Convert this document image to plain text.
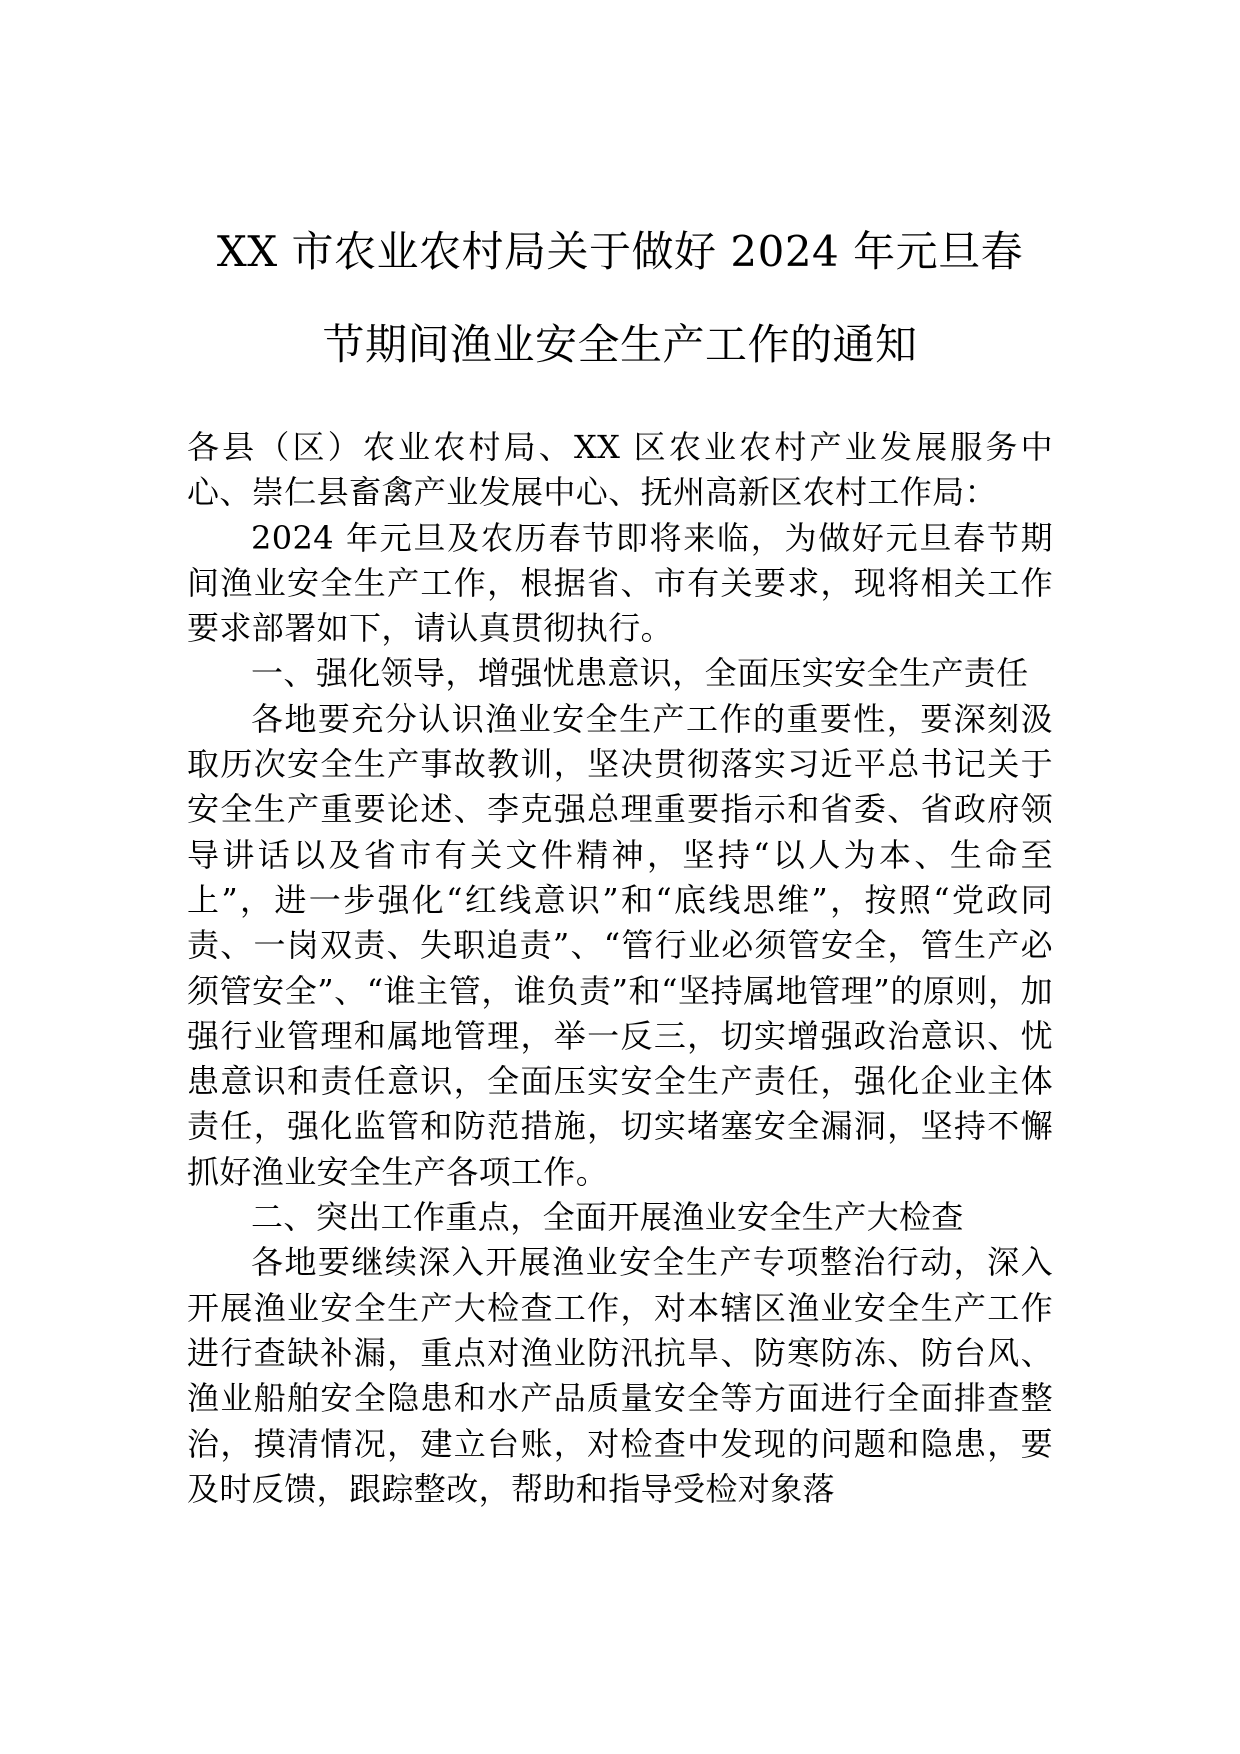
XX 市农业农村局关于做好 2024 年元旦春
节期间渔业安全生产工作的通知

各县（区）农业农村局、XX 区农业农村产业发展服务中心、崇仁县畜禽产业发展中心、抚州高新区农村工作局：

2024 年元旦及农历春节即将来临，为做好元旦春节期间渔业安全生产工作，根据省、市有关要求，现将相关工作要求部署如下，请认真贯彻执行。

一、强化领导，增强忧患意识，全面压实安全生产责任

各地要充分认识渔业安全生产工作的重要性，要深刻汲取历次安全生产事故教训，坚决贯彻落实习近平总书记关于安全生产重要论述、李克强总理重要指示和省委、省政府领导讲话以及省市有关文件精神，坚持“以人为本、生命至上”，进一步强化“红线意识”和“底线思维”，按照“党政同责、一岗双责、失职追责”、“管行业必须管安全，管生产必须管安全”、“谁主管，谁负责”和“坚持属地管理”的原则，加强行业管理和属地管理，举一反三，切实增强政治意识、忧患意识和责任意识，全面压实安全生产责任，强化企业主体责任，强化监管和防范措施，切实堵塞安全漏洞，坚持不懈抓好渔业安全生产各项工作。

二、突出工作重点，全面开展渔业安全生产大检查

各地要继续深入开展渔业安全生产专项整治行动，深入开展渔业安全生产大检查工作，对本辖区渔业安全生产工作进行查缺补漏，重点对渔业防汛抗旱、防寒防冻、防台风、渔业船舶安全隐患和水产品质量安全等方面进行全面排查整治，摸清情况，建立台账，对检查中发现的问题和隐患，要及时反馈，跟踪整改，帮助和指导受检对象落
